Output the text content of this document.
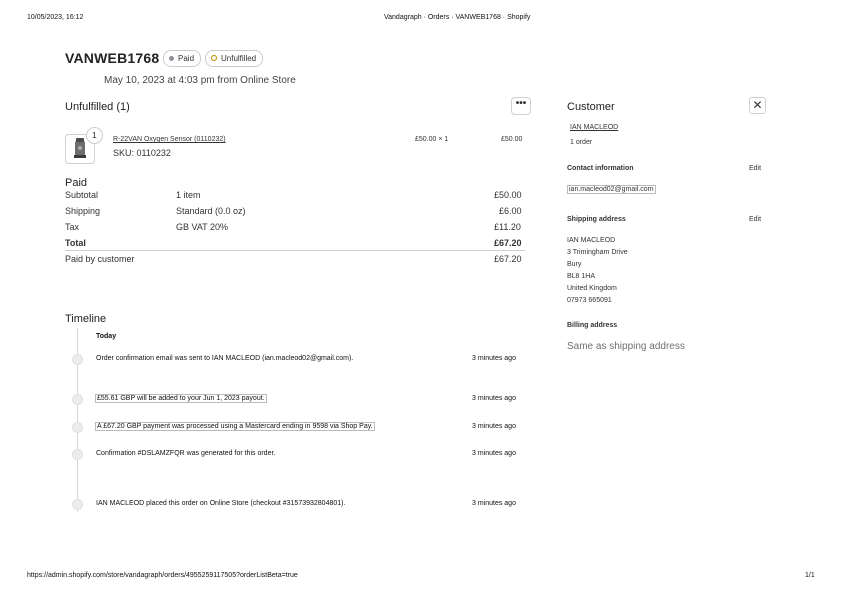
10/05/2023, 16:12	Vandagraph · Orders · VANWEB1768 · Shopify
VANWEB1768	Paid	Unfulfilled
May 10, 2023 at 4:03 pm from Online Store
Unfulfilled (1)	•••
1	R-22VAN Oxygen Sensor (0110232)
SKU: 0110232
£50.00 × 1	£50.00
Paid
Subtotal	1 item	£50.00
Shipping	Standard (0.0 oz)	£6.00
Tax	GB VAT 20%	£11.20
Total	£67.20
Paid by customer	£67.20
Timeline
Today
Order confirmation email was sent to IAN MACLEOD (ian.macleod02@gmail.com).	3 minutes ago
£55.61 GBP will be added to your Jun 1, 2023 payout.	3 minutes ago
A £67.20 GBP payment was processed using a Mastercard ending in 9598 via Shop Pay.	3 minutes ago
Confirmation #DSLAMZFQR was generated for this order.	3 minutes ago
IAN MACLEOD placed this order on Online Store (checkout #31573932804801).	3 minutes ago
Customer	✕
IAN MACLEOD
1 order
Contact information	Edit
ian.macleod02@gmail.com
Shipping address	Edit
IAN MACLEOD
3 Trimingham Drive
Bury
BL8 1HA
United Kingdom
07973 665091
Billing address
Same as shipping address
https://admin.shopify.com/store/vandagraph/orders/4955259117505?orderListBeta=true	1/1
